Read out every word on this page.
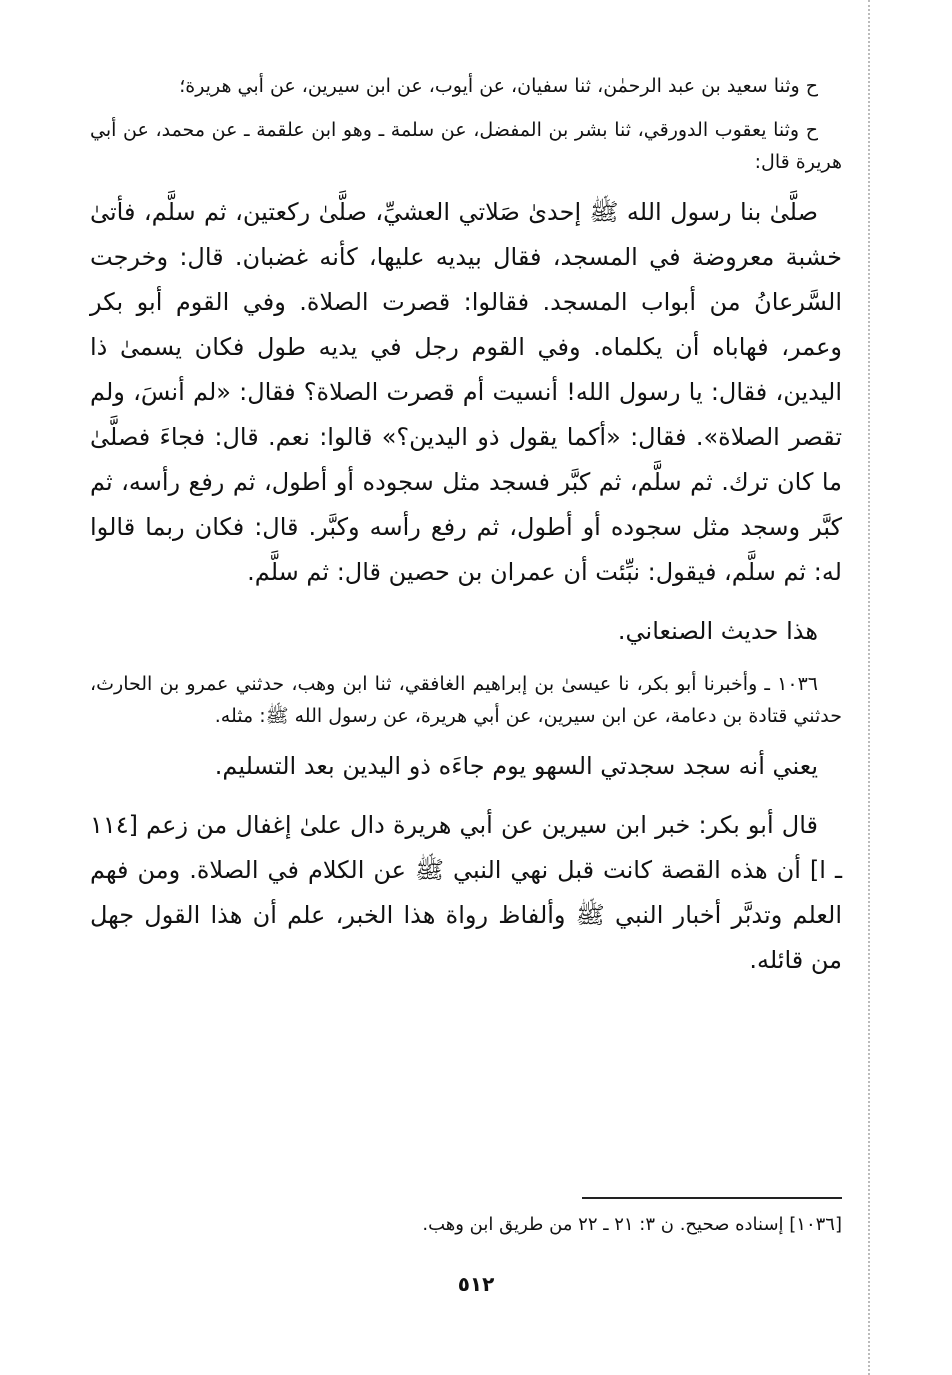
ح وثنا سعيد بن عبد الرحمٰن، ثنا سفيان، عن أيوب، عن ابن سيرين، عن أبي هريرة؛

ح وثنا يعقوب الدورقي، ثنا بشر بن المفضل، عن سلمة ـ وهو ابن علقمة ـ عن محمد، عن أبي هريرة قال:

صلَّىٰ بنا رسول الله ﷺ إحدىٰ صَلاتي العشيِّ، صلَّىٰ ركعتين، ثم سلَّم، فأتىٰ خشبة معروضة في المسجد، فقال بيديه عليها، كأنه غضبان. قال: وخرجت السَّرعانُ من أبواب المسجد. فقالوا: قصرت الصلاة. وفي القوم أبو بكر وعمر، فهاباه أن يكلماه. وفي القوم رجل في يديه طول فكان يسمىٰ ذا اليدين، فقال: يا رسول الله! أنسيت أم قصرت الصلاة؟ فقال: «لم أنسَ، ولم تقصر الصلاة». فقال: «أكما يقول ذو اليدين؟» قالوا: نعم. قال: فجاءَ فصلَّىٰ ما كان ترك. ثم سلَّم، ثم كبَّر فسجد مثل سجوده أو أطول، ثم رفع رأسه، ثم كبَّر وسجد مثل سجوده أو أطول، ثم رفع رأسه وكبَّر. قال: فكان ربما قالوا له: ثم سلَّم، فيقول: نبِّئت أن عمران بن حصين قال: ثم سلَّم.

هذا حديث الصنعاني.

١٠٣٦ ـ وأخبرنا أبو بكر، نا عيسىٰ بن إبراهيم الغافقي، ثنا ابن وهب، حدثني عمرو بن الحارث، حدثني قتادة بن دعامة، عن ابن سيرين، عن أبي هريرة، عن رسول الله ﷺ: مثله.

يعني أنه سجد سجدتي السهو يوم جاءَه ذو اليدين بعد التسليم.

قال أبو بكر: خبر ابن سيرين عن أبي هريرة دال علىٰ إغفال من زعم [١١٤ ـ ا] أن هذه القصة كانت قبل نهي النبي ﷺ عن الكلام في الصلاة. ومن فهم العلم وتدبَّر أخبار النبي ﷺ وألفاظ رواة هذا الخبر، علم أن هذا القول جهل من قائله.

[١٠٣٦] إسناده صحيح. ن ٣: ٢١ ـ ٢٢ من طريق ابن وهب.
٥١٢
